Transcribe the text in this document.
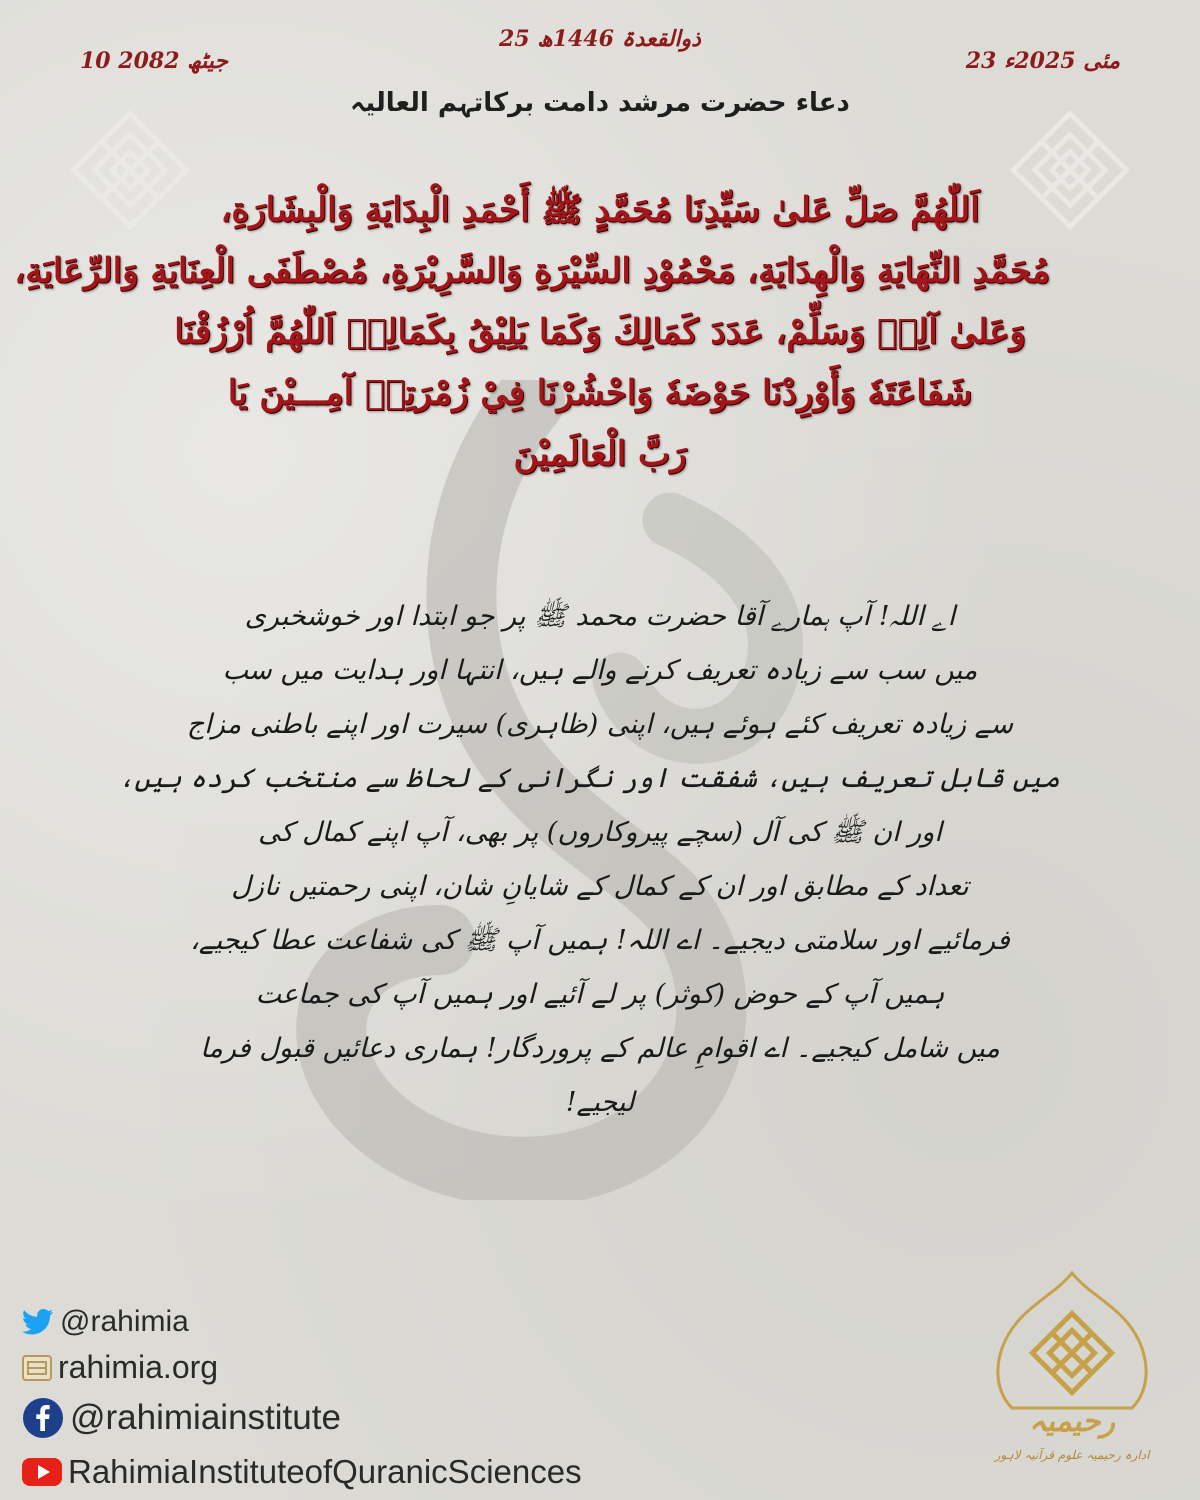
25 ذوالقعدۃ 1446ھ
23 مئی 2025ء
10 جیٹھ 2082
دعاء حضرت مرشد دامت برکاتہم العالیہ
اَللّٰهُمَّ صَلِّ عَلیٰ سَیِّدِنَا مُحَمَّدٍ ﷺ أَحْمَدِ الْبِدَایَةِ وَالْبِشَارَةِ،
مُحَمَّدِ النِّهَایَةِ وَالْهِدَایَةِ، مَحْمُوْدِ السِّیْرَةِ وَالسَّرِیْرَةِ، مُصْطَفَی الْعِنَایَةِ وَالرِّعَایَةِ،
وَعَلیٰ آلِهٖ وَسَلِّمْ، عَدَدَ كَمَالِكَ وَكَمَا یَلِیْقُ بِكَمَالِهٖ اَللّٰهُمَّ اُرْزُقْنَا
شَفَاعَتَهٗ وَأَوْرِدْنَا حَوْضَهٗ وَاحْشُرْنَا فِيْ زُمْرَتِهٖ آمِـــیْنَ یَا
رَبَّ الْعَالَمِیْنَ
اے اللہ! آپ ہمارے آقا حضرت محمد ﷺ پر جو ابتدا اور خوشخبری
میں سب سے زیادہ تعریف کرنے والے ہیں، انتہا اور ہدایت میں سب
سے زیادہ تعریف کئے ہوئے ہیں، اپنی (ظاہری) سیرت اور اپنے باطنی مزاج
میں قابل تعریف ہیں، شفقت اور نگرانی کے لحاظ سے منتخب کردہ ہیں،
اور ان ﷺ کی آل (سچے پیروکاروں) پر بھی، آپ اپنے کمال کی
تعداد کے مطابق اور ان کے کمال کے شایانِ شان، اپنی رحمتیں نازل
فرمائیے اور سلامتی دیجیے۔ اے اللہ! ہمیں آپ ﷺ کی شفاعت عطا کیجیے،
ہمیں آپ کے حوض (کوثر) پر لے آئیے اور ہمیں آپ کی جماعت
میں شامل کیجیے۔ اے اقوامِ عالم کے پروردگار! ہماری دعائیں قبول فرما
لیجیے!
@rahimia
rahimia.org
@rahimiainstitute
RahimiaInstituteofQuranicSciences
رحیمیہ
ادارہ رحیمیہ علوم قرآنیہ لاہور
